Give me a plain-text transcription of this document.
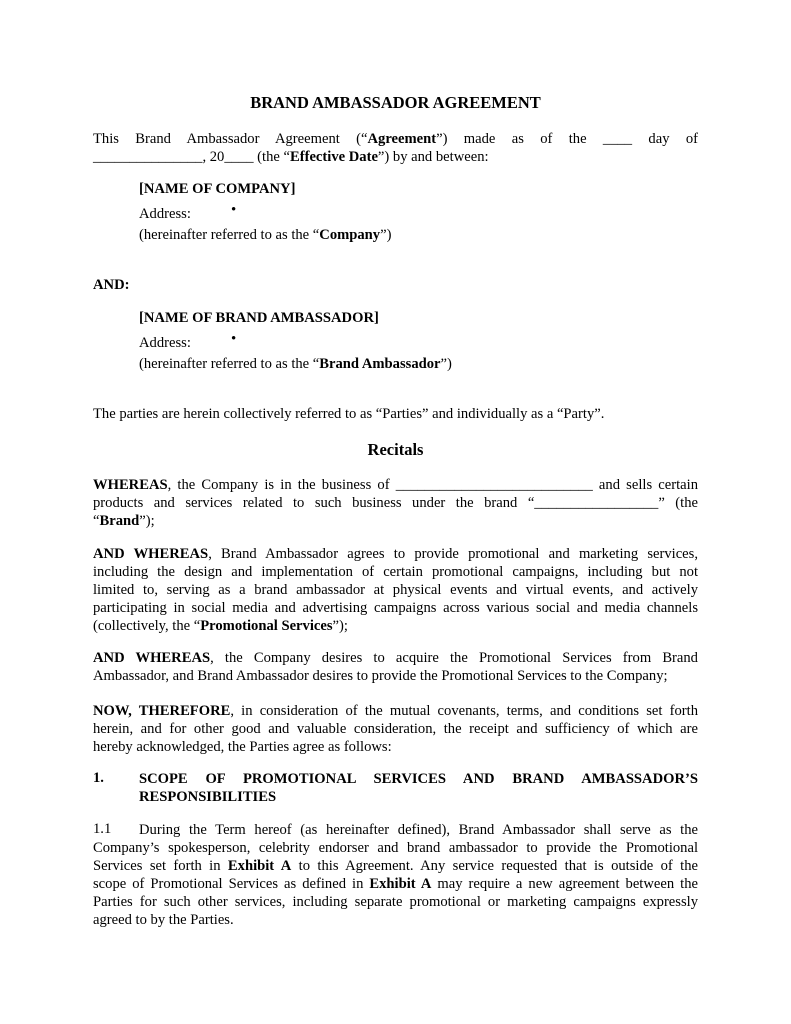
BRAND AMBASSADOR AGREEMENT
This Brand Ambassador Agreement (“Agreement”) made as of the ____ day of
_______________, 20____ (the “Effective Date”) by and between:
[NAME OF COMPANY]
Address:	•
(hereinafter referred to as the “Company”)
AND:
[NAME OF BRAND AMBASSADOR]
Address:	•
(hereinafter referred to as the “Brand Ambassador”)
The parties are herein collectively referred to as “Parties” and individually as a “Party”.
Recitals
WHEREAS, the Company is in the business of ___________________________ and sells certain
products and services related to such business under the brand “_________________” (the
“Brand”);
AND WHEREAS, Brand Ambassador agrees to provide promotional and marketing services,
including the design and implementation of certain promotional campaigns, including but not
limited to, serving as a brand ambassador at physical events and virtual events, and actively
participating in social media and advertising campaigns across various social and media channels
(collectively, the “Promotional Services”);
AND WHEREAS, the Company desires to acquire the Promotional Services from Brand
Ambassador, and Brand Ambassador desires to provide the Promotional Services to the Company;
NOW, THEREFORE, in consideration of the mutual covenants, terms, and conditions set forth
herein, and for other good and valuable consideration, the receipt and sufficiency of which are
hereby acknowledged, the Parties agree as follows:
1. SCOPE OF PROMOTIONAL SERVICES AND BRAND AMBASSADOR’S
RESPONSIBILITIES
1.1	During the Term hereof (as hereinafter defined), Brand Ambassador shall serve as the
Company’s spokesperson, celebrity endorser and brand ambassador to provide the Promotional
Services set forth in Exhibit A to this Agreement. Any service requested that is outside of the
scope of Promotional Services as defined in Exhibit A may require a new agreement between the
Parties for such other services, including separate promotional or marketing campaigns expressly
agreed to by the Parties.
